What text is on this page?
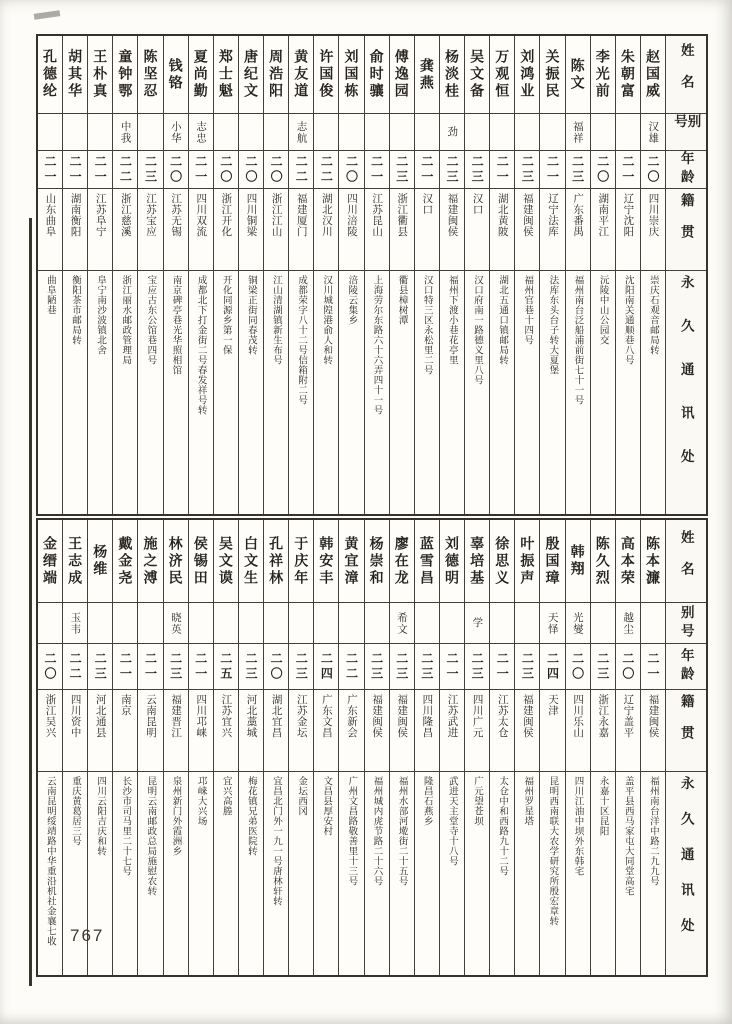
姓名
别号
年龄
籍贯
永久通讯处
赵国威
汉雄
二〇
四川崇庆
崇庆石观音邮局转
朱朝富
二一
辽宁沈阳
沈阳南关通顺巷八号
李光前
二〇
湖南平江
沅陵中山公园交
陈文
福祥
二三
广东番禺
福州南台泛船浦前街七十一号
关振民
二一
辽宁法库
法库东头台子转大夏堡
刘鸿业
二三
福建闽侯
福州官巷十四号
万观恒
二一
湖北黄陂
湖北五通口镇邮局转
吴文备
二三
汉口
汉口府南一路德义里八号
杨淡桂
劲
二三
福建闽侯
福州下渡小巷花亭里
龚燕
二一
汉口
汉口特三区永松里二号
傅逸园
二三
浙江衢县
衢县樟树潭
俞时骧
二一
江苏昆山
上海劳尔东路六十六弄四十一号
刘国栋
二〇
四川涪陵
涪陵云集乡
许国俊
二二
湖北汉川
汉川城隍港俞人和转
黄友道
志航
二二
福建厦门
成都荣字八十二号信箱附二号
周浩阳
二〇
浙江江山
江山清湖镇新生布号
唐纪文
二〇
四川铜梁
铜梁正街同春茂转
郑士魁
二〇
浙江开化
开化同源乡第一保
夏尚勤
志忠
二一
四川双流
成都北下打金街二号春发祥号转
钱铬
小华
二〇
江苏无锡
南京碑亭巷光华照相馆
陈坚忍
二三
江苏宝应
宝应古东公馆巷四号
童钟鄂
中我
二二
浙江慈溪
浙江丽水邮政管理局
王朴真
二一
江苏阜宁
阜宁南沙波镇北舍
胡其华
二一
湖南衡阳
衡阳茶市邮局转
孔德纶
二一
山东曲阜
曲阜陋巷
姓名
别号
年龄
籍贯
永久通讯处
陈本濂
二一
福建闽侯
福州南台洋中路二九九号
高本荣
越尘
二〇
辽宁盖平
盖平县西马家屯大同堂高宅
陈久烈
二三
浙江永嘉
永嘉十区昆阳
韩翔
光燮
二〇
四川乐山
四川江油中坝外东韩宅
殷国璋
天怿
二四
天津
昆明西南联大农学研究所殷宏章转
叶振声
二三
福建闽侯
福州罗星塔
徐思义
二一
江苏太仓
太仓中和西路九十二号
辜培基
学
二三
四川广元
广元望苍坝
刘德明
二一
江苏武进
武进天主堂寺十八号
蓝雪昌
二三
四川隆昌
隆昌石燕乡
廖在龙
希文
二三
福建闽侯
福州水部河墘街二十五号
杨崇和
二三
福建闽侯
福州城内虎节路二十六号
黄宜漳
二二
广东新会
广州文昌路敬善里十三号
韩安丰
二四
广东文昌
文昌县厚安村
于庆年
二三
江苏金坛
金坛西冈
孔祥林
二〇
湖北宜昌
宜昌北门外一九一号唐林轩转
白文生
二三
河北藁城
梅花镇兄弟医院转
吴文谟
二五
江苏宜兴
宜兴高塍
侯锡田
二一
四川邛崃
邛崃大兴场
林济民
晓英
二三
福建晋江
泉州新门外霞洲乡
施之溥
二一
云南昆明
昆明云南邮政总局施慰农转
戴金尧
二一
南京
长沙市司马里二十七号
杨维
二三
河北通县
四川云阳吉庆和转
王志成
玉韦
二二
四川资中
重庆黄葛居三号
金缙端
二〇
浙江吴兴
云南昆明绥靖路中华重沿机社金襄七收 767
